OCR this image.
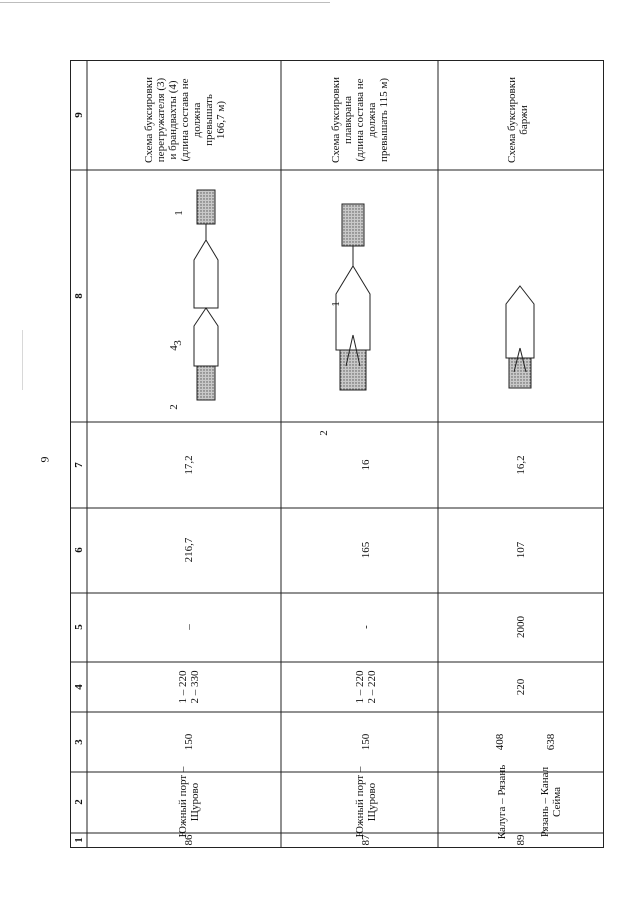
9
9
8
7
6
5
4
3
2
1
Схема буксировки перегружателя (3) и брандвахты (4) (длина состава не должна превышать 166,7 м)
1
3
2
4
17,2
216,7
–
1 – 220 2 – 330
150
Южный порт – Щурово
86
Схема буксировки плавкрана (длина состава не должна превышать 115 м)
1
2
16
165
-
1 – 220 2 – 220
150
Южный порт – Щурово
87
Схема буксировки баржи
16,2
107
2000
220
408	638
Калуга – Рязань	Рязань – Канал Сейма
89
